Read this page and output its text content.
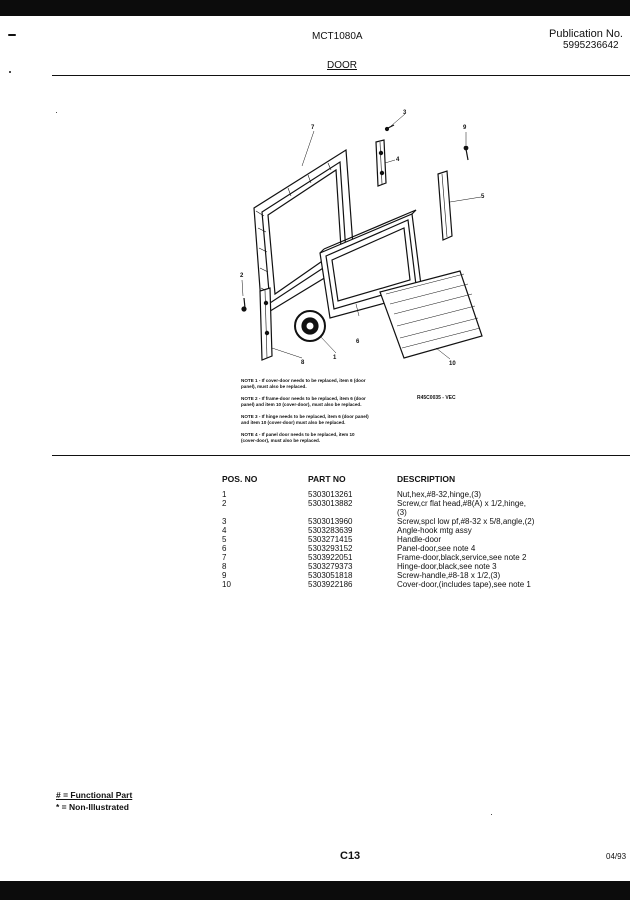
MCT1080A	Publication No.
5995236642
DOOR
7
3
4
5
9
6
8
1
2
10
NOTE 1 - If cover-door needs to be replaced, item 6 (door
panel), must also be replaced.
NOTE 2 - If frame-door needs to be replaced, item 6 (door
panel) and item 10 (cover-door), must also be replaced.
NOTE 3 - If hinge needs to be replaced, item 6 (door panel)
and item 10 (cover-door) must also be replaced.
NOTE 4 - If panel door needs to be replaced, item 10
(cover-door), must also be replaced.
R45C0035 - VEC
POS. NO	PART NO	DESCRIPTION
1	5303013261	Nut,hex,#8-32,hinge,(3)
2	5303013882	Screw,cr flat head,#8(A) x 1/2,hinge,
(3)

3	5303013960	Screw,spcl low pf,#8-32 x 5/8,angle,(2)
4	5303283639	Angle-hook mtg assy
5	5303271415	Handle-door
6	5303293152	Panel-door,see note 4
7	5303922051	Frame-door,black,service,see note 2
8	5303279373	Hinge-door,black,see note 3
9	5303051818	Screw-handle,#8-18 x 1/2,(3)
10	5303922186	Cover-door,(includes tape),see note 1
# = Functional Part
* = Non-Illustrated
C13	04/93
